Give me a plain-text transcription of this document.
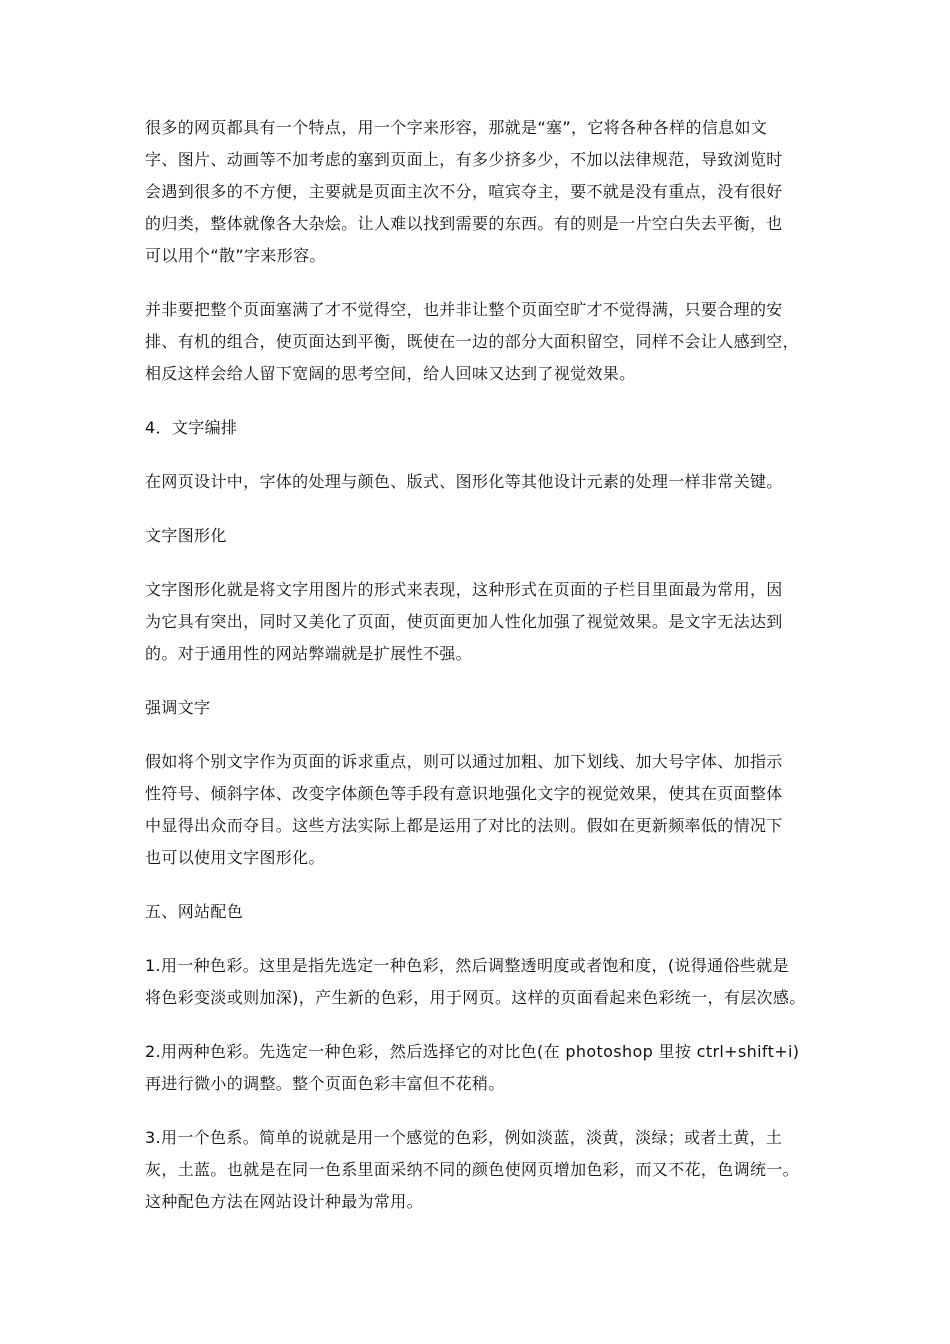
很多的网页都具有一个特点，用一个字来形容，那就是“塞”，它将各种各样的信息如文
字、图片、动画等不加考虑的塞到页面上，有多少挤多少，不加以法律规范，导致浏览时
会遇到很多的不方便，主要就是页面主次不分，喧宾夺主，要不就是没有重点，没有很好
的归类，整体就像各大杂烩。让人难以找到需要的东西。有的则是一片空白失去平衡，也
可以用个“散”字来形容。
并非要把整个页面塞满了才不觉得空，也并非让整个页面空旷才不觉得满，只要合理的安
排、有机的组合，使页面达到平衡，既使在一边的部分大面积留空，同样不会让人感到空，
相反这样会给人留下宽阔的思考空间，给人回味又达到了视觉效果。
4．文字编排
在网页设计中，字体的处理与颜色、版式、图形化等其他设计元素的处理一样非常关键。
文字图形化
文字图形化就是将文字用图片的形式来表现，这种形式在页面的子栏目里面最为常用，因
为它具有突出，同时又美化了页面，使页面更加人性化加强了视觉效果。是文字无法达到
的。对于通用性的网站弊端就是扩展性不强。
强调文字
假如将个别文字作为页面的诉求重点，则可以通过加粗、加下划线、加大号字体、加指示
性符号、倾斜字体、改变字体颜色等手段有意识地强化文字的视觉效果，使其在页面整体
中显得出众而夺目。这些方法实际上都是运用了对比的法则。假如在更新频率低的情况下
也可以使用文字图形化。
五、网站配色
1.用一种色彩。这里是指先选定一种色彩，然后调整透明度或者饱和度，(说得通俗些就是
将色彩变淡或则加深)，产生新的色彩，用于网页。这样的页面看起来色彩统一，有层次感。
2.用两种色彩。先选定一种色彩，然后选择它的对比色(在 photoshop 里按 ctrl+shift+i)
再进行微小的调整。整个页面色彩丰富但不花稍。
3.用一个色系。简单的说就是用一个感觉的色彩，例如淡蓝，淡黄，淡绿；或者土黄，土
灰，土蓝。也就是在同一色系里面采纳不同的颜色使网页增加色彩，而又不花，色调统一。
这种配色方法在网站设计种最为常用。
